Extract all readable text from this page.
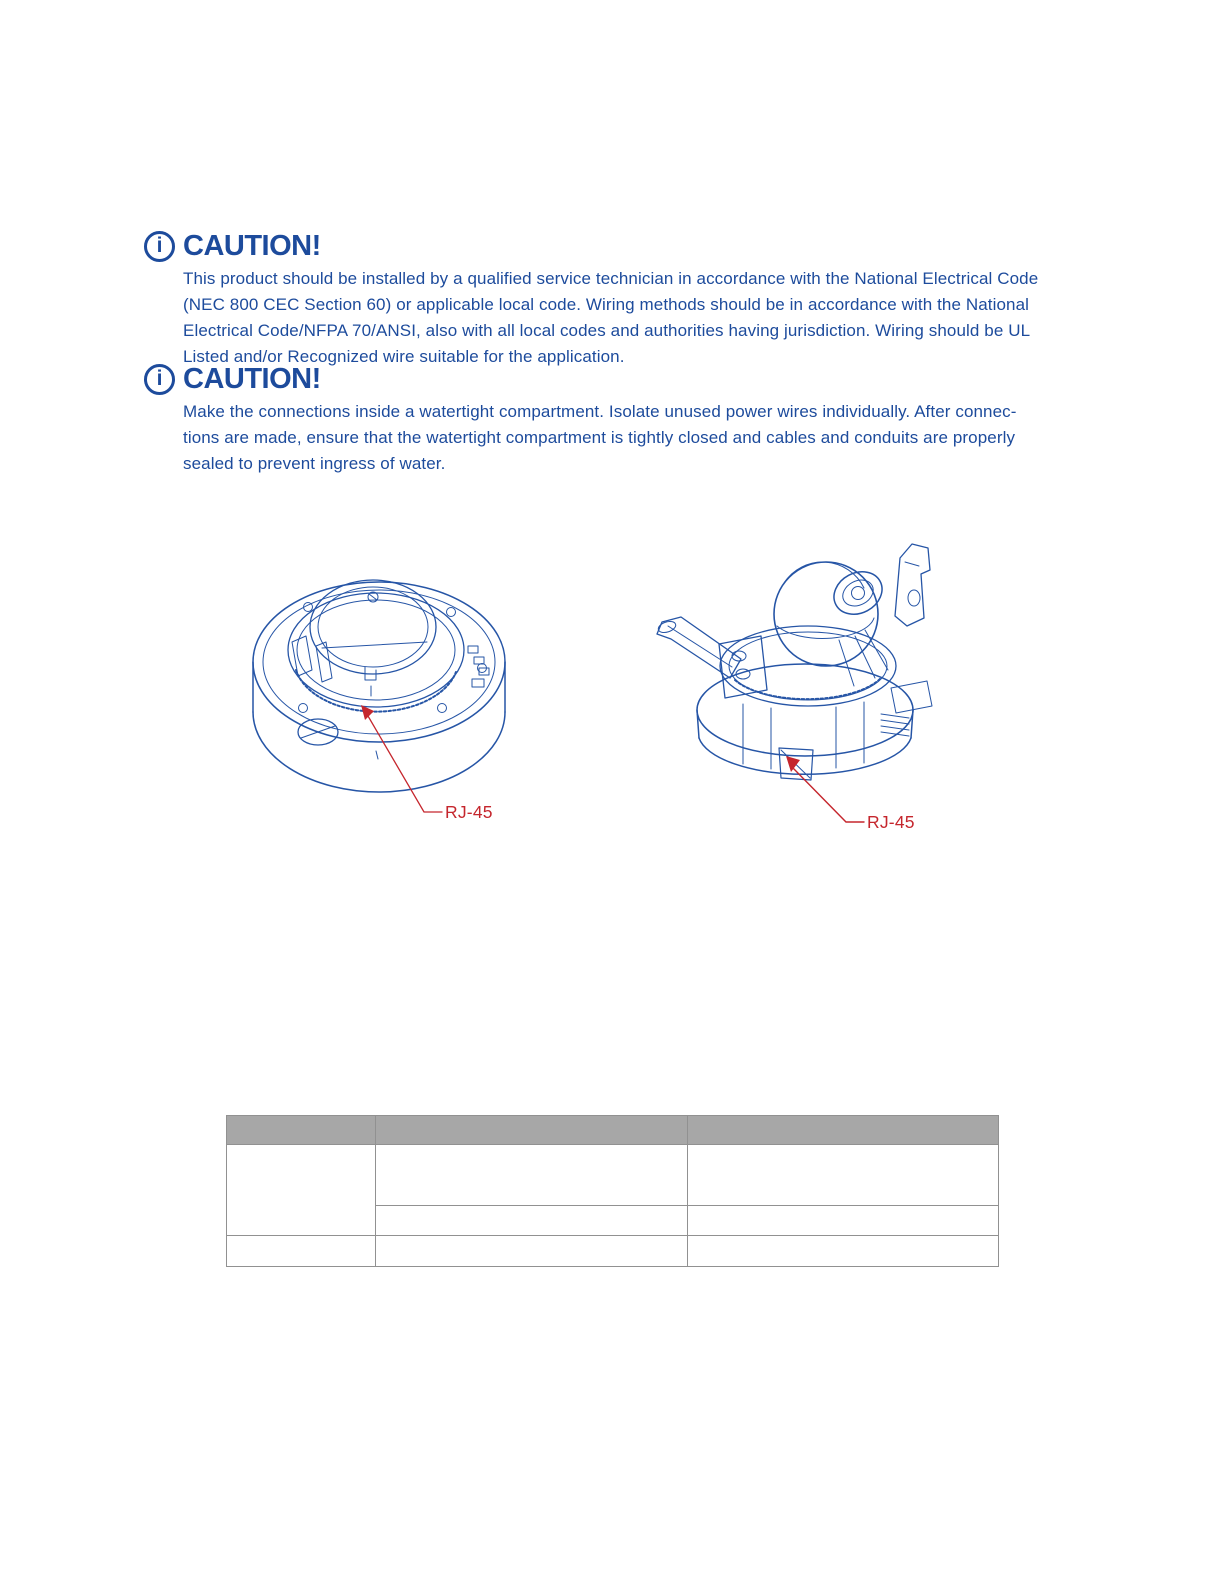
i CAUTION!
This product should be installed by a qualified service technician in accordance with the National Electrical Code
(NEC 800 CEC Section 60) or applicable local code. Wiring methods should be in accordance with the National
Electrical Code/NFPA 70/ANSI, also with all local codes and authorities having jurisdiction. Wiring should be UL
Listed and/or Recognized wire suitable for the application.
i CAUTION!
Make the connections inside a watertight compartment. Isolate unused power wires individually. After connec-
tions are made, ensure that the watertight compartment is tightly closed and cables and conduits are properly
sealed to prevent ingress of water.
RJ-45	RJ-45
